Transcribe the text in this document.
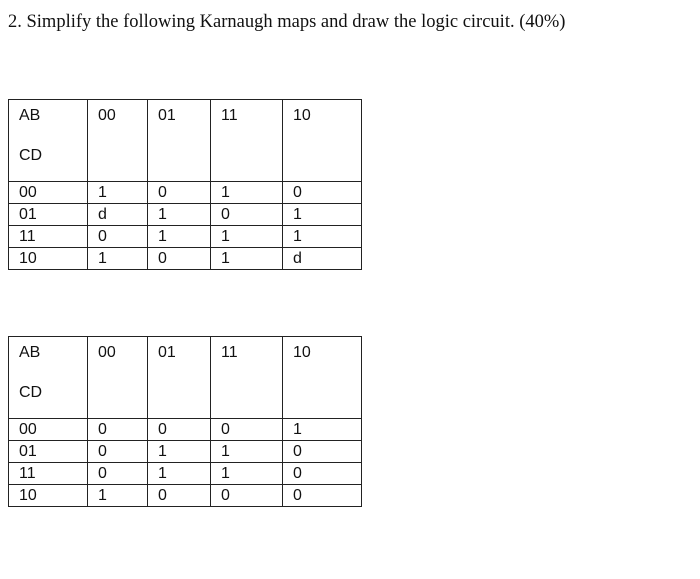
2. Simplify the following Karnaugh maps and draw the logic circuit. (40%)
AB
CD	00	01	11	10
00	1	0	1	0
01	d	1	0	1
11	0	1	1	1
10	1	0	1	d
AB
CD	00	01	11	10
00	0	0	0	1
01	0	1	1	0
11	0	1	1	0
10	1	0	0	0
